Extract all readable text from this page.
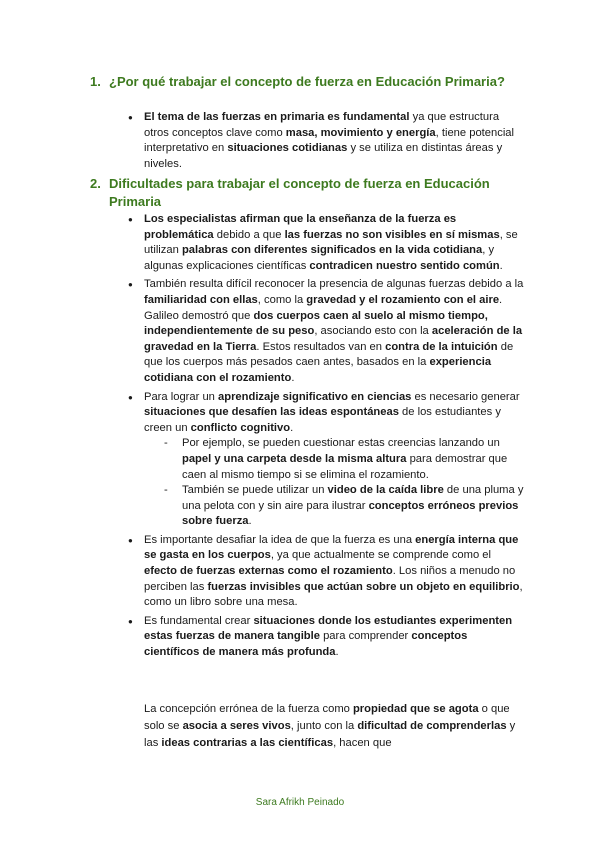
1. ¿Por qué trabajar el concepto de fuerza en Educación Primaria?
● El tema de las fuerzas en primaria es fundamental ya que estructura otros conceptos clave como masa, movimiento y energía, tiene potencial interpretativo en situaciones cotidianas y se utiliza en distintas áreas y niveles.
2. Dificultades para trabajar el concepto de fuerza en Educación Primaria
● Los especialistas afirman que la enseñanza de la fuerza es problemática debido a que las fuerzas no son visibles en sí mismas, se utilizan palabras con diferentes significados en la vida cotidiana, y algunas explicaciones científicas contradicen nuestro sentido común.
● También resulta difícil reconocer la presencia de algunas fuerzas debido a la familiaridad con ellas, como la gravedad y el rozamiento con el aire. Galileo demostró que dos cuerpos caen al suelo al mismo tiempo, independientemente de su peso, asociando esto con la aceleración de la gravedad en la Tierra. Estos resultados van en contra de la intuición de que los cuerpos más pesados caen antes, basados en la experiencia cotidiana con el rozamiento.
● Para lograr un aprendizaje significativo en ciencias es necesario generar situaciones que desafíen las ideas espontáneas de los estudiantes y creen un conflicto cognitivo.
- Por ejemplo, se pueden cuestionar estas creencias lanzando un papel y una carpeta desde la misma altura para demostrar que caen al mismo tiempo si se elimina el rozamiento.
- También se puede utilizar un video de la caída libre de una pluma y una pelota con y sin aire para ilustrar conceptos erróneos previos sobre fuerza.
● Es importante desafiar la idea de que la fuerza es una energía interna que se gasta en los cuerpos, ya que actualmente se comprende como el efecto de fuerzas externas como el rozamiento. Los niños a menudo no perciben las fuerzas invisibles que actúan sobre un objeto en equilibrio, como un libro sobre una mesa.
● Es fundamental crear situaciones donde los estudiantes experimenten estas fuerzas de manera tangible para comprender conceptos científicos de manera más profunda.

La concepción errónea de la fuerza como propiedad que se agota o que solo se asocia a seres vivos, junto con la dificultad de comprenderlas y las ideas contrarias a las científicas, hacen que

Sara Afrikh Peinado
